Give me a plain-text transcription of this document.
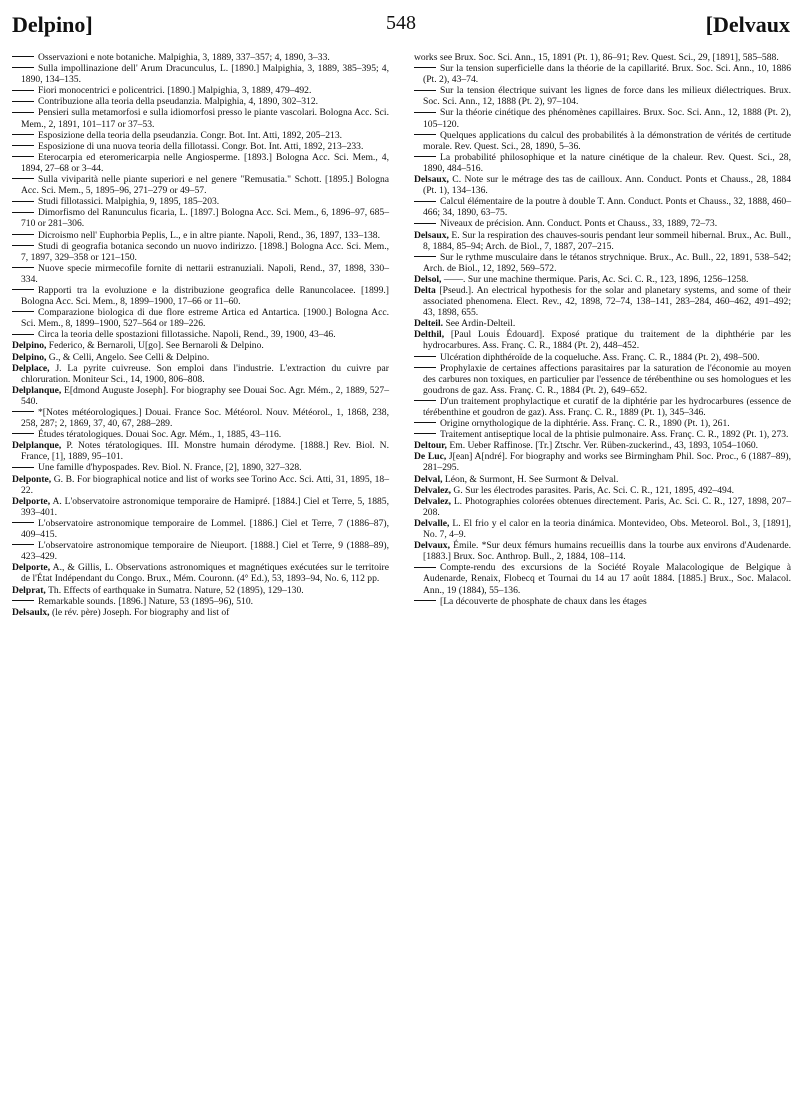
Delpino]	548	[Delvaux
Osservazioni e note botaniche. Malpighia, 3, 1889, 337–357; 4, 1890, 3–33.
Sulla impollinazione dell' Arum Dracunculus, L. [1890.] Malpighia, 3, 1889, 385–395; 4, 1890, 134–135.
Fiori monocentrici e policentrici. [1890.] Malpighia, 3, 1889, 479–492.
Contribuzione alla teoria della pseudanzia. Malpighia, 4, 1890, 302–312.
Pensieri sulla metamorfosi e sulla idiomorfosi presso le piante vascolari. Bologna Acc. Sci. Mem., 2, 1891, 101–117 or 37–53.
Esposizione della teoria della pseudanzia. Congr. Bot. Int. Atti, 1892, 205–213.
Esposizione di una nuova teoria della fillotassi. Congr. Bot. Int. Atti, 1892, 213–233.
Eterocarpia ed eteromericarpia nelle Angiosperme. [1893.] Bologna Acc. Sci. Mem., 4, 1894, 27–68 or 3–44.
Sulla viviparità nelle piante superiori e nel genere "Remusatia." Schott. [1895.] Bologna Acc. Sci. Mem., 5, 1895–96, 271–279 or 49–57.
Studi fillotassici. Malpighia, 9, 1895, 185–203.
Dimorfismo del Ranunculus ficaria, L. [1897.] Bologna Acc. Sci. Mem., 6, 1896–97, 685–710 or 281–306.
Dicroismo nell' Euphorbia Peplis, L., e in altre piante. Napoli, Rend., 36, 1897, 133–138.
Studi di geografia botanica secondo un nuovo indirizzo. [1898.] Bologna Acc. Sci. Mem., 7, 1897, 329–358 or 121–150.
Nuove specie mirmecofile fornite di nettarii estranuziali. Napoli, Rend., 37, 1898, 330–334.
Rapporti tra la evoluzione e la distribuzione geografica delle Ranuncolacee. [1899.] Bologna Acc. Sci. Mem., 8, 1899–1900, 17–66 or 11–60.
Comparazione biologica di due flore estreme Artica ed Antartica. [1900.] Bologna Acc. Sci. Mem., 8, 1899–1900, 527–564 or 189–226.
Circa la teoria delle spostazioni fillotassiche. Napoli, Rend., 39, 1900, 43–46.
Delpino, Federico, & Bernaroli, U[go]. See Bernaroli & Delpino.
Delpino, G., & Celli, Angelo. See Celli & Delpino.
Delplace, J. La pyrite cuivreuse. Son emploi dans l'industrie. L'extraction du cuivre par chloruration. Moniteur Sci., 14, 1900, 806–808.
Delplanque, E[dmond Auguste Joseph]. For biography see Douai Soc. Agr. Mém., 2, 1889, 527–540.
*[Notes météorologiques.] Douai. France Soc. Météorol. Nouv. Météorol., 1, 1868, 238, 258, 287; 2, 1869, 37, 40, 67, 288–289.
Études tératologiques. Douai Soc. Agr. Mém., 1, 1885, 43–116.
Delplanque, P. Notes tératologiques. III. Monstre humain dérodyme. [1888.] Rev. Biol. N. France, [1], 1889, 95–101.
Une famille d'hypospades. Rev. Biol. N. France, [2], 1890, 327–328.
Delponte, G. B. For biographical notice and list of works see Torino Acc. Sci. Atti, 31, 1895, 18–22.
Delporte, A. L'observatoire astronomique temporaire de Hamipré. [1884.] Ciel et Terre, 5, 1885, 393–401.
L'observatoire astronomique temporaire de Lommel. [1886.] Ciel et Terre, 7 (1886–87), 409–415.
L'observatoire astronomique temporaire de Nieuport. [1888.] Ciel et Terre, 9 (1888–89), 423–429.
Delporte, A., & Gillis, L. Observations astronomiques et magnétiques exécutées sur le territoire de l'État Indépendant du Congo. Brux., Mém. Couronn. (4° Ed.), 53, 1893–94, No. 6, 112 pp.
Delprat, Th. Effects of earthquake in Sumatra. Nature, 52 (1895), 129–130.
Remarkable sounds. [1896.] Nature, 53 (1895–96), 510.
Delsaulx, (le rév. père) Joseph. For biography and list of
works see Brux. Soc. Sci. Ann., 15, 1891 (Pt. 1), 86–91; Rev. Quest. Sci., 29, [1891], 585–588.
Sur la tension superficielle dans la théorie de la capillarité. Brux. Soc. Sci. Ann., 10, 1886 (Pt. 2), 43–74.
Sur la tension électrique suivant les lignes de force dans les milieux diélectriques. Brux. Soc. Sci. Ann., 12, 1888 (Pt. 2), 97–104.
Sur la théorie cinétique des phénomènes capillaires. Brux. Soc. Sci. Ann., 12, 1888 (Pt. 2), 105–120.
Quelques applications du calcul des probabilités à la démonstration de vérités de certitude morale. Rev. Quest. Sci., 28, 1890, 5–36.
La probabilité philosophique et la nature cinétique de la chaleur. Rev. Quest. Sci., 28, 1890, 484–516.
Delsaux, C. Note sur le métrage des tas de cailloux. Ann. Conduct. Ponts et Chauss., 28, 1884 (Pt. 1), 134–136.
Calcul élémentaire de la poutre à double T. Ann. Conduct. Ponts et Chauss., 32, 1888, 460–466; 34, 1890, 63–75.
Niveaux de précision. Ann. Conduct. Ponts et Chauss., 33, 1889, 72–73.
Delsaux, E. Sur la respiration des chauves-souris pendant leur sommeil hibernal. Brux., Ac. Bull., 8, 1884, 85–94; Arch. de Biol., 7, 1887, 207–215.
Sur le rythme musculaire dans le tétanos strychnique. Brux., Ac. Bull., 22, 1891, 538–542; Arch. de Biol., 12, 1892, 569–572.
Delsol, ——. Sur une machine thermique. Paris, Ac. Sci. C. R., 123, 1896, 1256–1258.
Delta [Pseud.]. An electrical hypothesis for the solar and planetary systems, and some of their associated phenomena. Elect. Rev., 42, 1898, 72–74, 138–141, 283–284, 460–462, 491–492; 43, 1898, 655.
Delteil. See Ardin-Delteil.
Delthil, [Paul Louis Édouard]. Exposé pratique du traitement de la diphthérie par les hydrocarbures. Ass. Franç. C. R., 1884 (Pt. 2), 448–452.
Ulcération diphthéroïde de la coqueluche. Ass. Franç. C. R., 1884 (Pt. 2), 498–500.
Prophylaxie de certaines affections parasitaires par la saturation de l'économie au moyen des carbures non toxiques, en particulier par l'essence de térébenthine ou ses homologues et les goudrons de gaz. Ass. Franç. C. R., 1884 (Pt. 2), 649–652.
D'un traitement prophylactique et curatif de la diphtérie par les hydrocarbures (essence de térébenthine et goudron de gaz). Ass. Franç. C. R., 1889 (Pt. 1), 345–346.
Origine ornythologique de la diphtérie. Ass. Franç. C. R., 1890 (Pt. 1), 261.
Traitement antiseptique local de la phtisie pulmonaire. Ass. Franç. C. R., 1892 (Pt. 1), 273.
Deltour, Em. Ueber Raffinose. [Tr.] Ztschr. Ver. Rüben-zuckerind., 43, 1893, 1054–1060.
De Luc, J[ean] A[ndré]. For biography and works see Birmingham Phil. Soc. Proc., 6 (1887–89), 281–295.
Delval, Léon, & Surmont, H. See Surmont & Delval.
Delvalez, G. Sur les électrodes parasites. Paris, Ac. Sci. C. R., 121, 1895, 492–494.
Delvalez, L. Photographies colorées obtenues directement. Paris, Ac. Sci. C. R., 127, 1898, 207–208.
Delvalle, L. El frio y el calor en la teoria dinámica. Montevideo, Obs. Meteorol. Bol., 3, [1891], No. 7, 4–9.
Delvaux, Émile. *Sur deux fémurs humains recueillis dans la tourbe aux environs d'Audenarde. [1883.] Brux. Soc. Anthrop. Bull., 2, 1884, 108–114.
Compte-rendu des excursions de la Société Royale Malacologique de Belgique à Audenarde, Renaix, Flobecq et Tournai du 14 au 17 août 1884. [1885.] Brux., Soc. Malacol. Ann., 19 (1884), 55–136.
[La découverte de phosphate de chaux dans les étages
